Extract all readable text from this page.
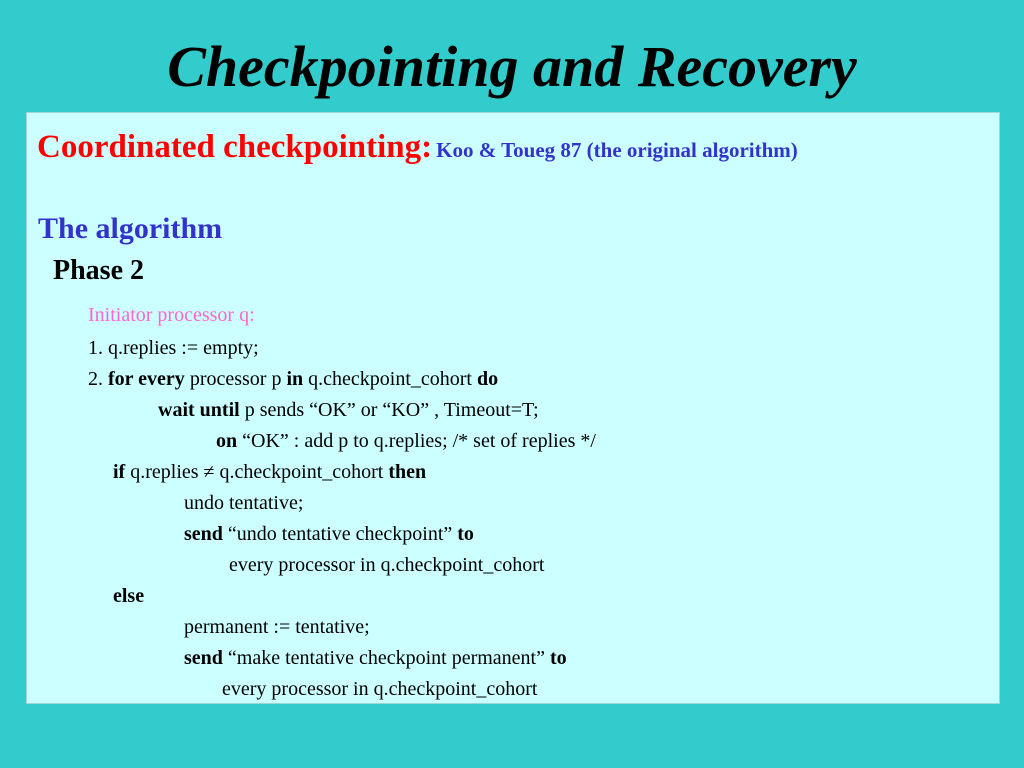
Checkpointing and Recovery
Coordinated checkpointing: Koo & Toueg 87 (the original algorithm)
The algorithm
Phase 2
Initiator processor q:
1. q.replies := empty;
2. for every processor p in q.checkpoint_cohort do
wait until p sends “OK” or “KO” , Timeout=T;
on “OK” : add p to q.replies; /* set of replies */
if q.replies ≠ q.checkpoint_cohort then
undo tentative;
send “undo tentative checkpoint” to
every processor in q.checkpoint_cohort
else
permanent := tentative;
send “make tentative checkpoint permanent” to
every processor in q.checkpoint_cohort
